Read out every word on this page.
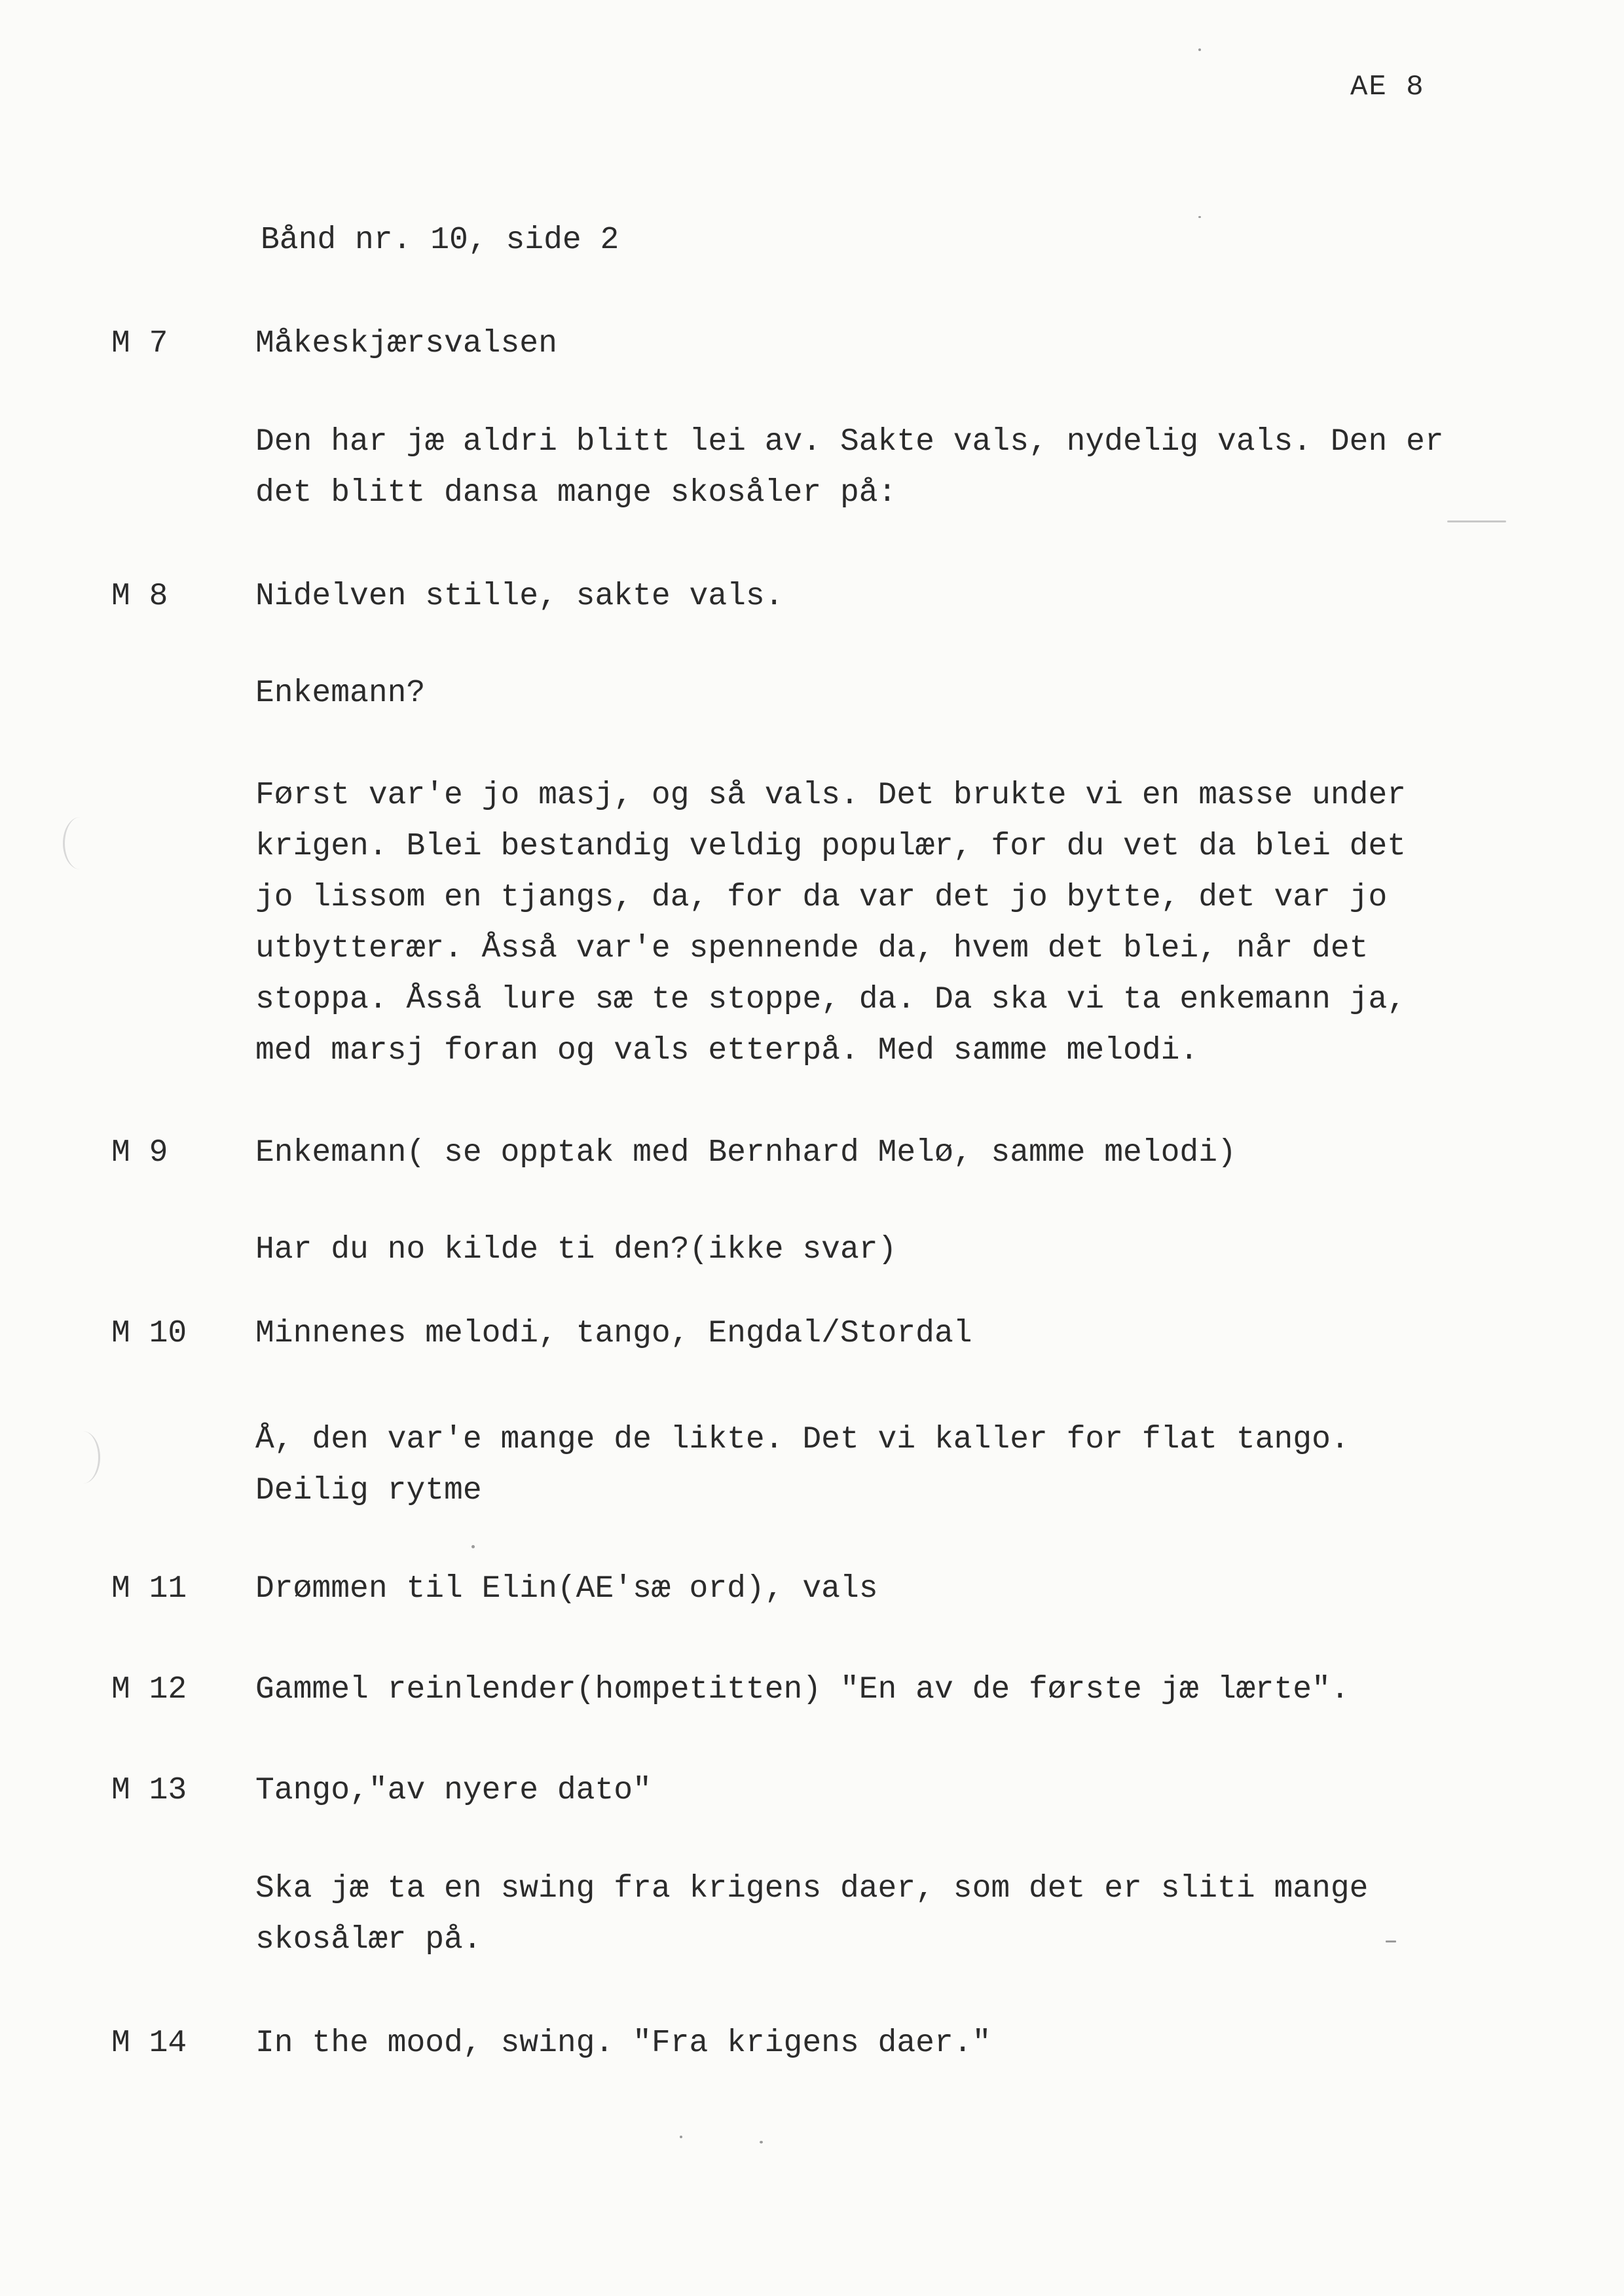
AE 8
Bånd nr. 10, side 2
M 7	Måkeskjærsvalsen
Den har jæ aldri blitt lei av. Sakte vals, nydelig vals. Den er
det blitt dansa mange skosåler på:
M 8	Nidelven stille, sakte vals.
Enkemann?
Først var'e jo masj, og så vals. Det brukte vi en masse under
krigen. Blei bestandig veldig populær, for du vet da blei det
jo lissom en tjangs, da, for da var det jo bytte, det var jo
utbytterær. Åsså var'e spennende da, hvem det blei, når det
stoppa. Åsså lure sæ te stoppe, da. Da ska vi ta enkemann ja,
med marsj foran og vals etterpå. Med samme melodi.
M 9	Enkemann( se opptak med Bernhard Melø, samme melodi)
Har du no kilde ti den?(ikke svar)
M 10 Minnenes melodi, tango, Engdal/Stordal
Å, den var'e mange de likte. Det vi kaller for flat tango.
Deilig rytme
M 11 Drømmen til Elin(AE'sæ ord), vals
M 12 Gammel reinlender(hompetitten) "En av de første jæ lærte".
M 13 Tango,"av nyere dato"
Ska jæ ta en swing fra krigens daer, som det er sliti mange
skosålær på.
M 14 In the mood, swing. "Fra krigens daer."
